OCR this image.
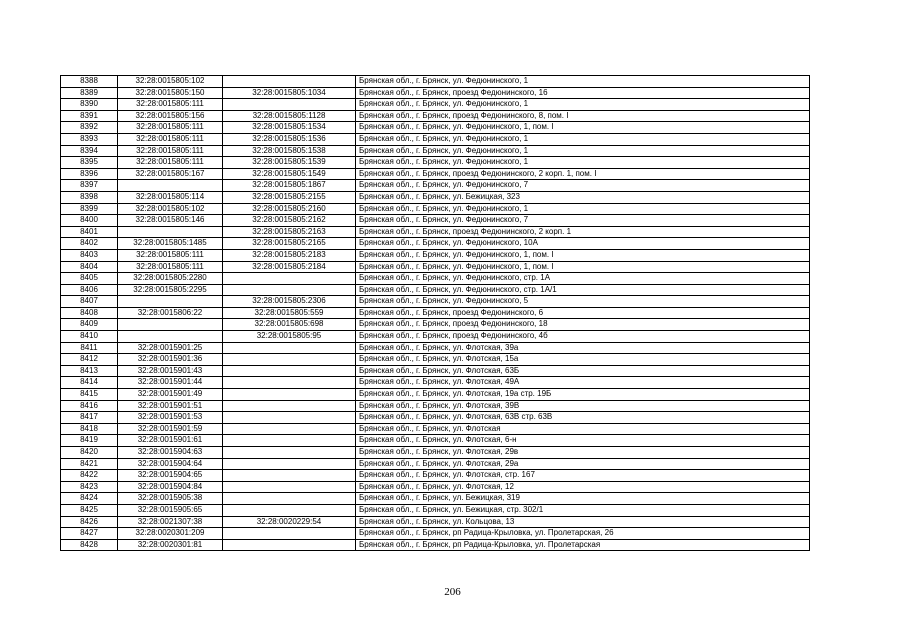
8388	32:28:0015805:102		Брянская обл., г. Брянск, ул. Федюнинского, 1
8389	32:28:0015805:150	32:28:0015805:1034	Брянская обл., г. Брянск, проезд Федюнинского, 16
8390	32:28:0015805:111		Брянская обл., г. Брянск, ул. Федюнинского, 1
8391	32:28:0015805:156	32:28:0015805:1128	Брянская обл., г. Брянск, проезд Федюнинского, 8, пом. I
8392	32:28:0015805:111	32:28:0015805:1534	Брянская обл., г. Брянск, ул. Федюнинского, 1, пом. I
8393	32:28:0015805:111	32:28:0015805:1536	Брянская обл., г. Брянск, ул. Федюнинского, 1
8394	32:28:0015805:111	32:28:0015805:1538	Брянская обл., г. Брянск, ул. Федюнинского, 1
8395	32:28:0015805:111	32:28:0015805:1539	Брянская обл., г. Брянск, ул. Федюнинского, 1
8396	32:28:0015805:167	32:28:0015805:1549	Брянская обл., г. Брянск, проезд Федюнинского, 2 корп. 1, пом. I
8397		32:28:0015805:1867	Брянская обл., г. Брянск, ул. Федюнинского, 7
8398	32:28:0015805:114	32:28:0015805:2155	Брянская обл., г. Брянск, ул. Бежицкая, 323
8399	32:28:0015805:102	32:28:0015805:2160	Брянская обл., г. Брянск, ул. Федюнинского, 1
8400	32:28:0015805:146	32:28:0015805:2162	Брянская обл., г. Брянск, ул. Федюнинского, 7
8401		32:28:0015805:2163	Брянская обл., г. Брянск, проезд Федюнинского, 2 корп. 1
8402	32:28:0015805:1485	32:28:0015805:2165	Брянская обл., г. Брянск, ул. Федюнинского, 10А
8403	32:28:0015805:111	32:28:0015805:2183	Брянская обл., г. Брянск, ул. Федюнинского, 1, пом. I
8404	32:28:0015805:111	32:28:0015805:2184	Брянская обл., г. Брянск, ул. Федюнинского, 1, пом. I
8405	32:28:0015805:2280		Брянская обл., г. Брянск, ул. Федюнинского, стр. 1А
8406	32:28:0015805:2295		Брянская обл., г. Брянск, ул. Федюнинского, стр. 1А/1
8407		32:28:0015805:2306	Брянская обл., г. Брянск, ул. Федюнинского, 5
8408	32:28:0015806:22	32:28:0015805:559	Брянская обл., г. Брянск, проезд Федюнинского, 6
8409		32:28:0015805:698	Брянская обл., г. Брянск, проезд Федюнинского, 18
8410		32:28:0015805:95	Брянская обл., г. Брянск, проезд Федюнинского, 4б
8411	32:28:0015901:25		Брянская обл., г. Брянск, ул. Флотская, 39а
8412	32:28:0015901:36		Брянская обл., г. Брянск, ул. Флотская, 15а
8413	32:28:0015901:43		Брянская обл., г. Брянск, ул. Флотская, 63Б
8414	32:28:0015901:44		Брянская обл., г. Брянск, ул. Флотская, 49А
8415	32:28:0015901:49		Брянская обл., г. Брянск, ул. Флотская, 19а стр. 19Б
8416	32:28:0015901:51		Брянская обл., г. Брянск, ул. Флотская, 39В
8417	32:28:0015901:53		Брянская обл., г. Брянск, ул. Флотская, 63В стр. 63В
8418	32:28:0015901:59		Брянская обл., г. Брянск, ул. Флотская
8419	32:28:0015901:61		Брянская обл., г. Брянск, ул. Флотская, 6-н
8420	32:28:0015904:63		Брянская обл., г. Брянск, ул. Флотская, 29в
8421	32:28:0015904:64		Брянская обл., г. Брянск, ул. Флотская, 29а
8422	32:28:0015904:65		Брянская обл., г. Брянск, ул. Флотская, стр. 167
8423	32:28:0015904:84		Брянская обл., г. Брянск, ул. Флотская, 12
8424	32:28:0015905:38		Брянская обл., г. Брянск, ул. Бежицкая, 319
8425	32:28:0015905:65		Брянская обл., г. Брянск, ул. Бежицкая, стр. 302/1
8426	32:28:0021307:38	32:28:0020229:54	Брянская обл., г. Брянск, ул. Кольцова, 13
8427	32:28:0020301:209		Брянская обл., г. Брянск, рп Радица-Крыловка, ул. Пролетарская, 26
8428	32:28:0020301:81		Брянская обл., г. Брянск, рп Радица-Крыловка, ул. Пролетарская
206
